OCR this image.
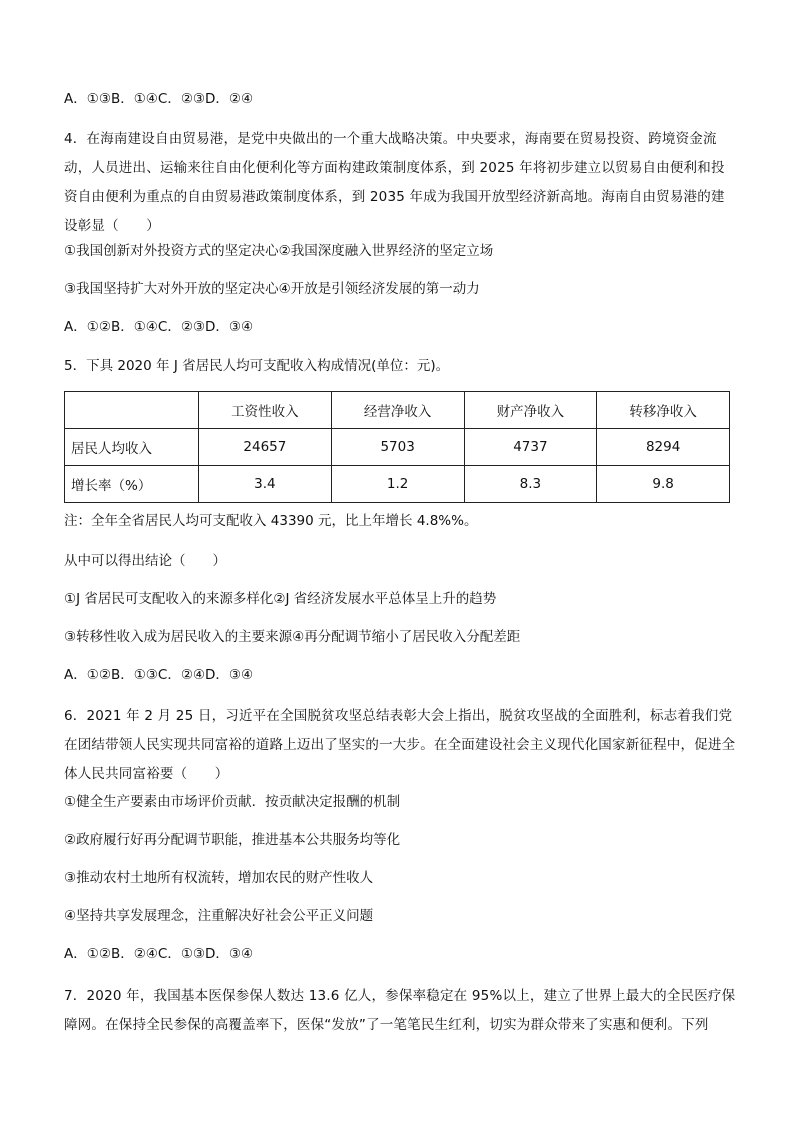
A．①③B．①④C．②③D．②④
4．在海南建设自由贸易港，是党中央做出的一个重大战略决策。中央要求，海南要在贸易投资、跨境资金流动，人员进出、运输来往自由化便利化等方面构建政策制度体系，到 2025 年将初步建立以贸易自由便利和投资自由便利为重点的自由贸易港政策制度体系，到 2035 年成为我国开放型经济新高地。海南自由贸易港的建设彰显（　　）
①我国创新对外投资方式的坚定决心②我国深度融入世界经济的坚定立场
③我国坚持扩大对外开放的坚定决心④开放是引领经济发展的第一动力
A．①②B．①④C．②③D．③④
5．下具 2020 年 J 省居民人均可支配收入构成情况(单位：元)。
	工资性收入	经营净收入	财产净收入	转移净收入
居民人均收入	24657	5703	4737	8294
增长率（%）	3.4	1.2	8.3	9.8
注：全年全省居民人均可支配收入 43390 元，比上年增长 4.8%%。
从中可以得出结论（　　）
①J 省居民可支配收入的来源多样化②J 省经济发展水平总体呈上升的趋势
③转移性收入成为居民收入的主要来源④再分配调节缩小了居民收入分配差距
A．①②B．①③C．②④D．③④
6．2021 年 2 月 25 日，习近平在全国脱贫攻坚总结表彰大会上指出，脱贫攻坚战的全面胜利，标志着我们党在团结带领人民实现共同富裕的道路上迈出了坚实的一大步。在全面建设社会主义现代化国家新征程中，促进全体人民共同富裕要（　　）
①健全生产要素由市场评价贡献．按贡献决定报酬的机制
②政府履行好再分配调节职能，推进基本公共服务均等化
③推动农村土地所有权流转，增加农民的财产性收人
④坚持共享发展理念，注重解决好社会公平正义问题
A．①②B．②④C．①③D．③④
7．2020 年，我国基本医保参保人数达 13.6 亿人，参保率稳定在 95%以上，建立了世界上最大的全民医疗保障网。在保持全民参保的高覆盖率下，医保“发放”了一笔笔民生红利，切实为群众带来了实惠和便利。下列
